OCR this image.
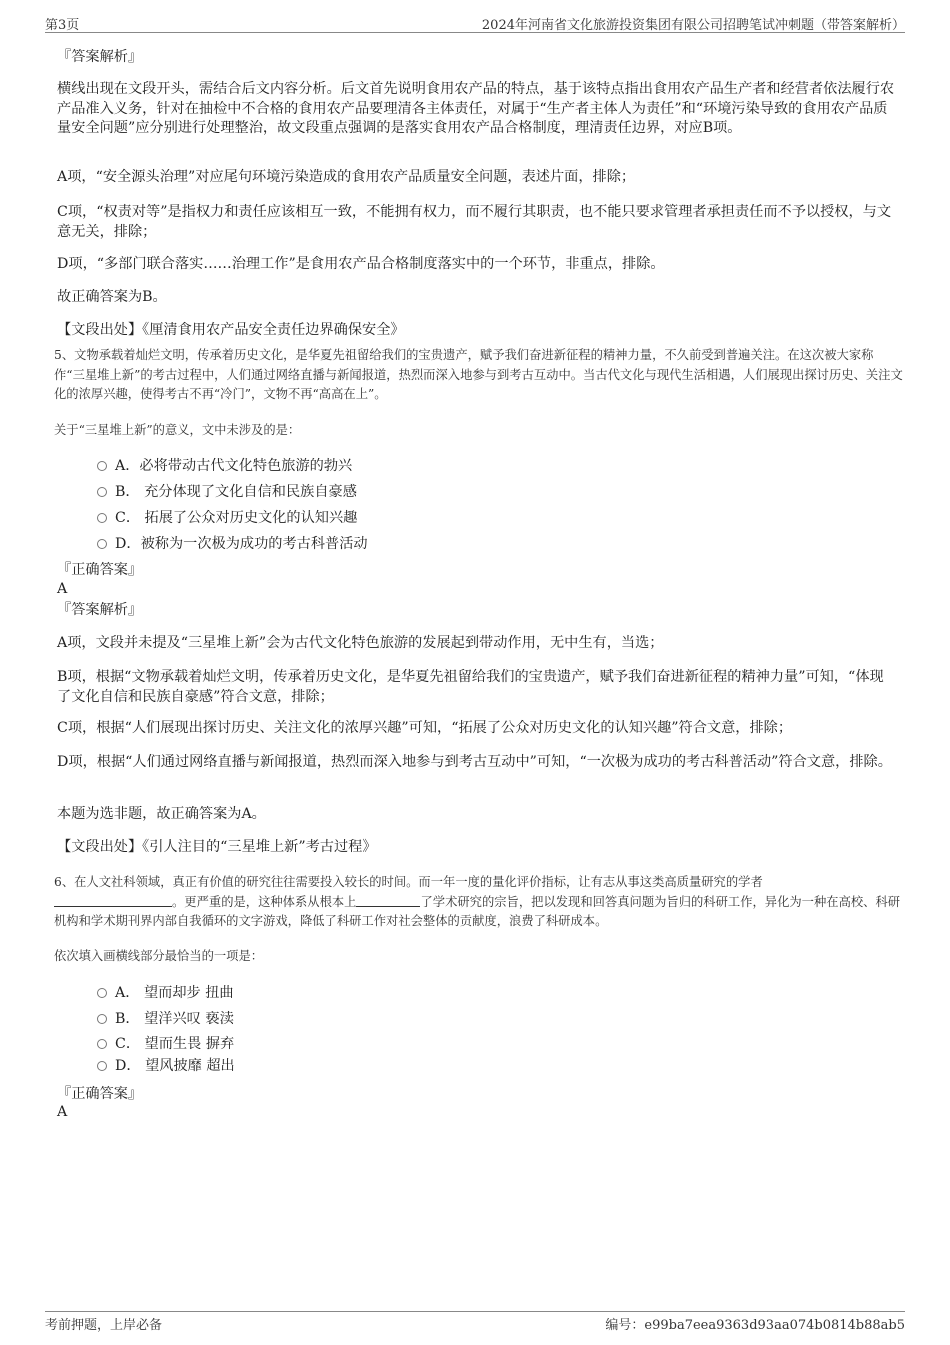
第3页	2024年河南省文化旅游投资集团有限公司招聘笔试冲刺题（带答案解析）
『答案解析』
横线出现在文段开头，需结合后文内容分析。后文首先说明食用农产品的特点，基于该特点指出食用农产品生产者和经营者依法履行农产品准入义务，针对在抽检中不合格的食用农产品要理清各主体责任，对属于“生产者主体人为责任”和“环境污染导致的食用农产品质量安全问题”应分别进行处理整治，故文段重点强调的是落实食用农产品合格制度，理清责任边界，对应B项。
A项，“安全源头治理”对应尾句环境污染造成的食用农产品质量安全问题，表述片面，排除；
C项，“权责对等”是指权力和责任应该相互一致，不能拥有权力，而不履行其职责，也不能只要求管理者承担责任而不予以授权，与文意无关，排除；
D项，“多部门联合落实……治理工作”是食用农产品合格制度落实中的一个环节，非重点，排除。
故正确答案为B。
【文段出处】《厘清食用农产品安全责任边界确保安全》
5、文物承载着灿烂文明，传承着历史文化，是华夏先祖留给我们的宝贵遗产，赋予我们奋进新征程的精神力量，不久前受到普遍关注。在这次被大家称作“三星堆上新”的考古过程中，人们通过网络直播与新闻报道，热烈而深入地参与到考古互动中。当古代文化与现代生活相遇，人们展现出探讨历史、关注文化的浓厚兴趣，使得考古不再“冷门”，文物不再“高高在上”。
关于“三星堆上新”的意义，文中未涉及的是：
A．必将带动古代文化特色旅游的勃兴
B． 充分体现了文化自信和民族自豪感
C． 拓展了公众对历史文化的认知兴趣
D．被称为一次极为成功的考古科普活动
『正确答案』
A
『答案解析』
A项，文段并未提及“三星堆上新”会为古代文化特色旅游的发展起到带动作用，无中生有，当选；
B项，根据“文物承载着灿烂文明，传承着历史文化，是华夏先祖留给我们的宝贵遗产，赋予我们奋进新征程的精神力量”可知，“体现了文化自信和民族自豪感”符合文意，排除；
C项，根据“人们展现出探讨历史、关注文化的浓厚兴趣”可知，“拓展了公众对历史文化的认知兴趣”符合文意，排除；
D项，根据“人们通过网络直播与新闻报道，热烈而深入地参与到考古互动中”可知，“一次极为成功的考古科普活动”符合文意，排除。
本题为选非题，故正确答案为A。
【文段出处】《引人注目的“三星堆上新”考古过程》
6、在人文社科领域，真正有价值的研究往往需要投入较长的时间。而一年一度的量化评价指标，让有志从事这类高质量研究的学者
。更严重的是，这种体系从根本上	了学术研究的宗旨，把以发现和回答真问题为旨归的科研工作，异化为一种在高校、科研机构和学术期刊界内部自我循环的文字游戏，降低了科研工作对社会整体的贡献度，浪费了科研成本。
依次填入画横线部分最恰当的一项是：
A． 望而却步 扭曲
B． 望洋兴叹 亵渎
C． 望而生畏 摒弃
D． 望风披靡 超出
『正确答案』
A
考前押题，上岸必备	编号：e99ba7eea9363d93aa074b0814b88ab5
